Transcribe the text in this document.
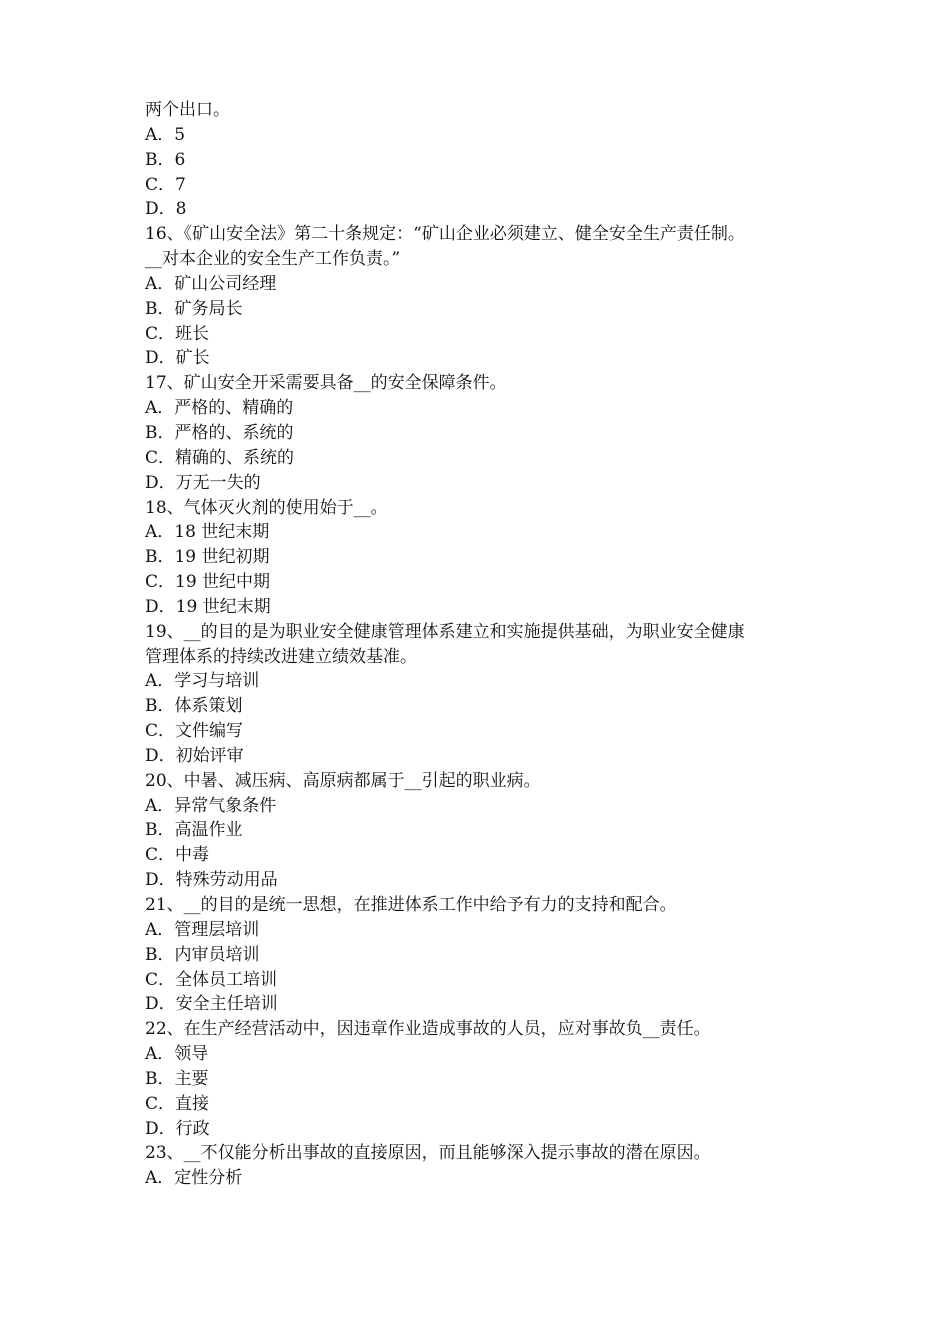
两个出口。
A．5
B．6
C．7
D．8
16、《矿山安全法》第二十条规定：“矿山企业必须建立、健全安全生产责任制。
__对本企业的安全生产工作负责。”
A．矿山公司经理
B．矿务局长
C．班长
D．矿长
17、矿山安全开采需要具备__的安全保障条件。
A．严格的、精确的
B．严格的、系统的
C．精确的、系统的
D．万无一失的
18、气体灭火剂的使用始于__。
A．18 世纪末期
B．19 世纪初期
C．19 世纪中期
D．19 世纪末期
19、__的目的是为职业安全健康管理体系建立和实施提供基础，为职业安全健康
管理体系的持续改进建立绩效基准。
A．学习与培训
B．体系策划
C．文件编写
D．初始评审
20、中暑、减压病、高原病都属于__引起的职业病。
A．异常气象条件
B．高温作业
C．中毒
D．特殊劳动用品
21、__的目的是统一思想，在推进体系工作中给予有力的支持和配合。
A．管理层培训
B．内审员培训
C．全体员工培训
D．安全主任培训
22、在生产经营活动中，因违章作业造成事故的人员，应对事故负__责任。
A．领导
B．主要
C．直接
D．行政
23、__不仅能分析出事故的直接原因，而且能够深入提示事故的潜在原因。
A．定性分析
